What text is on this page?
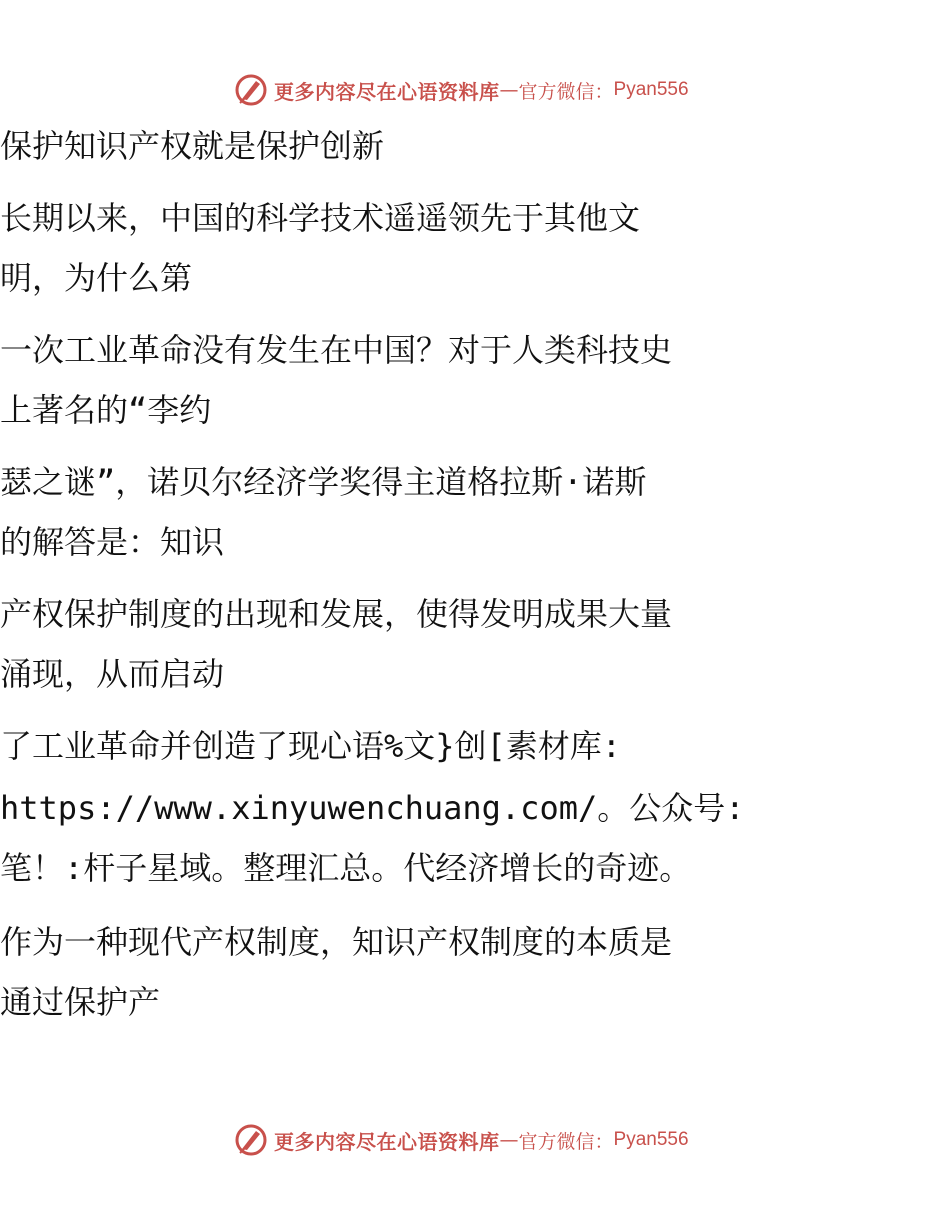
更多内容尽在心语资料库 — 官方微信： Pyan556
保护知识产权就是保护创新
长期以来，中国的科学技术遥遥领先于其他文
明，为什么第
一次工业革命没有发生在中国？对于人类科技史
上著名的“李约
瑟之谜”，诺贝尔经济学奖得主道格拉斯·诺斯
的解答是：知识
产权保护制度的出现和发展，使得发明成果大量
涌现，从而启动
了工业革命并创造了现心语%文}创[素材库:
https://www.xinyuwenchuang.com/。公众号:
笔！:杆子星域。整理汇总。代经济增长的奇迹。
作为一种现代产权制度，知识产权制度的本质是
通过保护产
更多内容尽在心语资料库 — 官方微信： Pyan556
